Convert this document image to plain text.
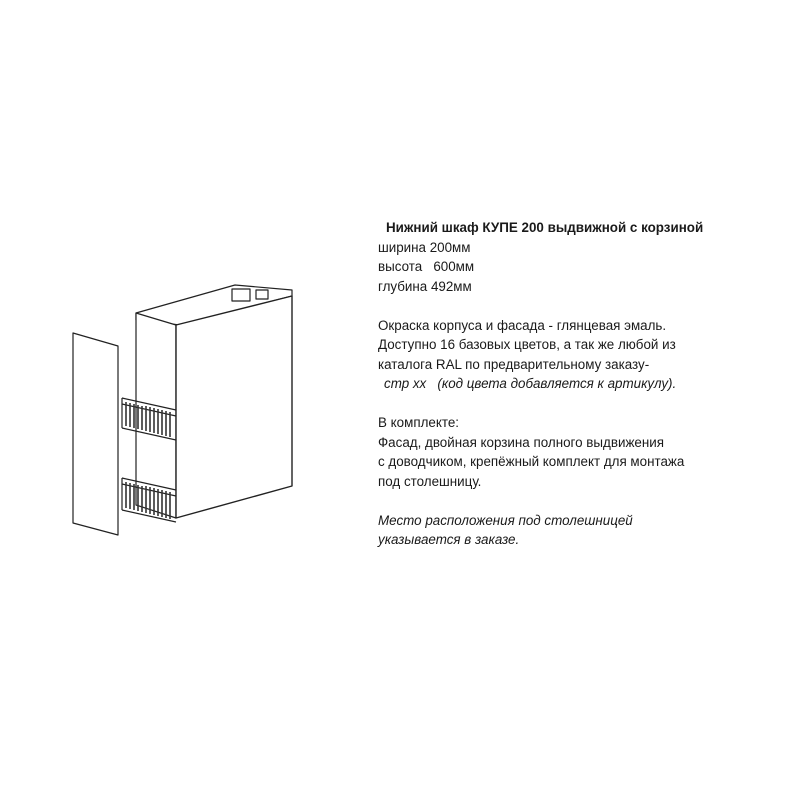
Нижний шкаф КУПЕ 200 выдвижной с корзиной
ширина 200мм
высота   600мм
глубина 492мм
Окраска корпуса и фасада - глянцевая эмаль.
Доступно 16 базовых цветов, а так же любой из
каталога RAL по предварительному заказу-
стр хх   (код цвета добавляется к артикулу).
В комплекте:
Фасад, двойная корзина полного выдвижения
с доводчиком, крепёжный комплект для монтажа
под столешницу.
Место расположения под столешницей
указывается в заказе.
